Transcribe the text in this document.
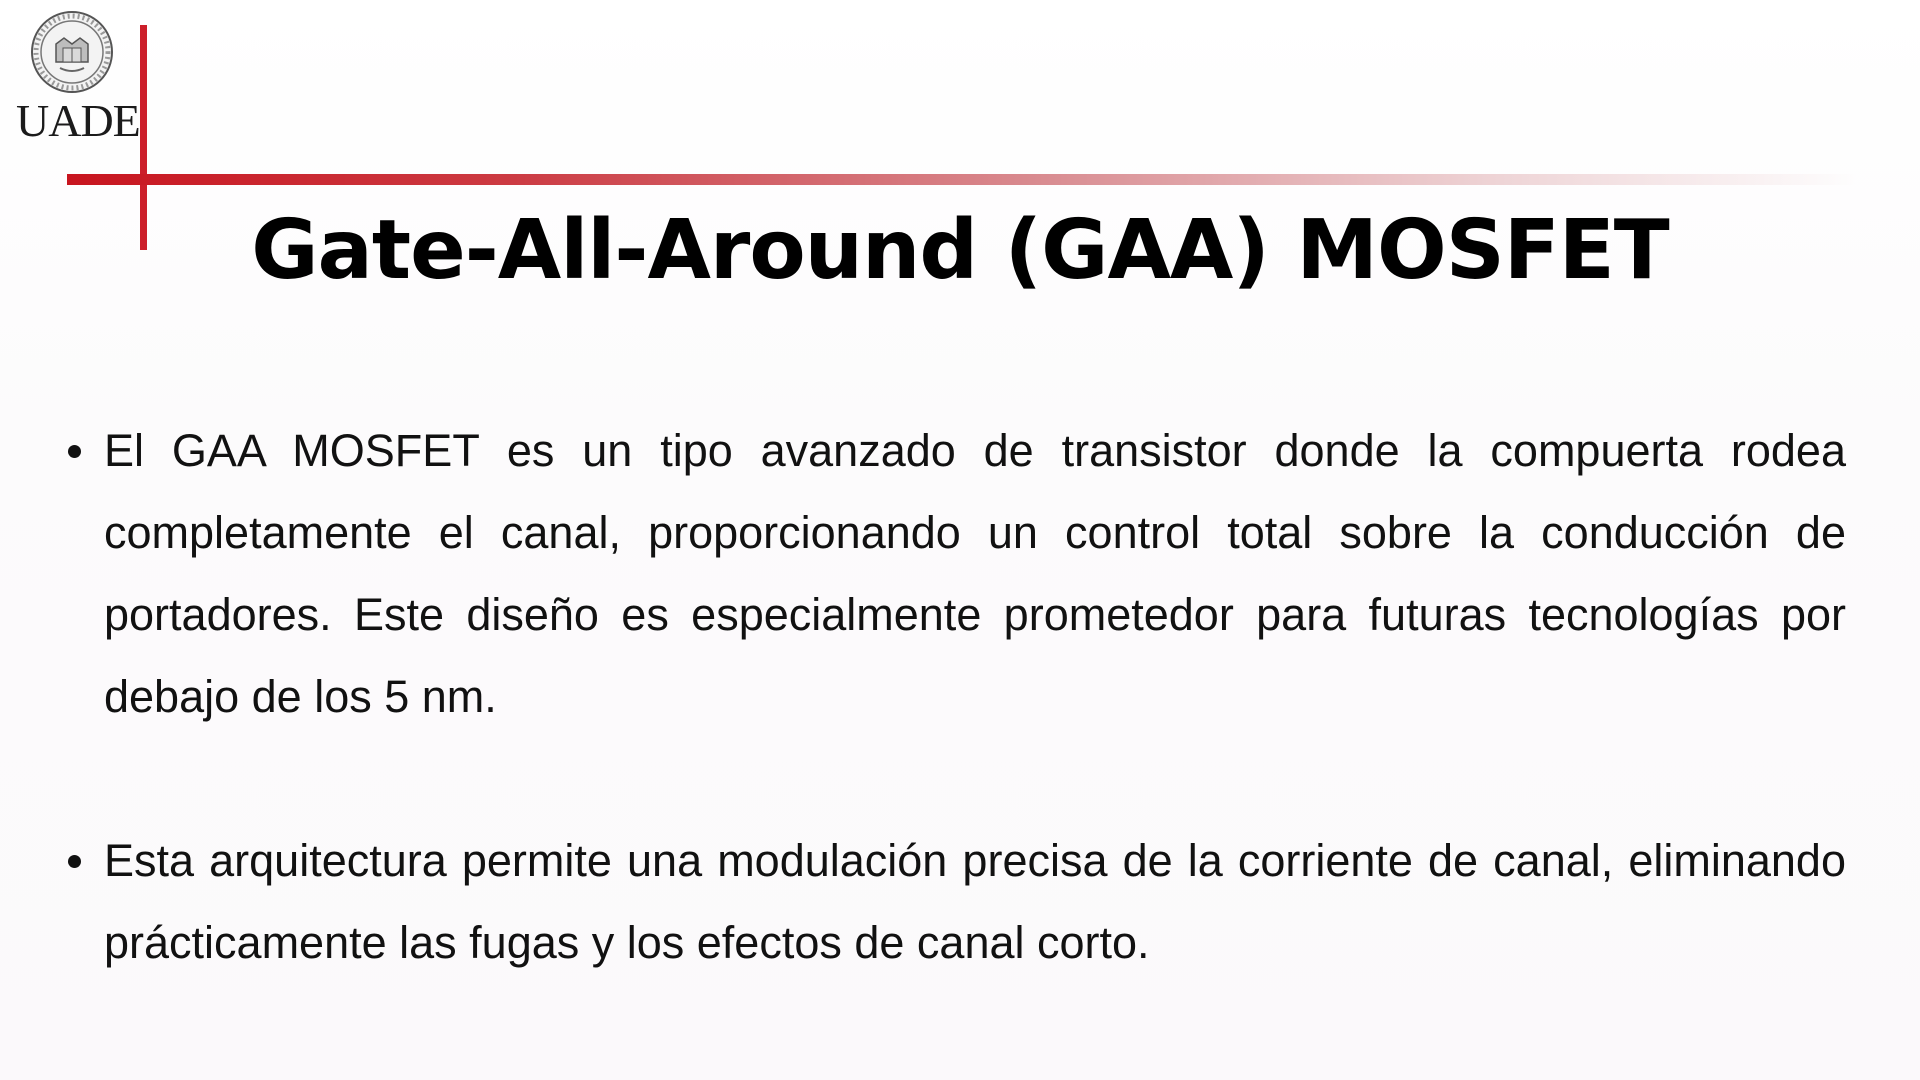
UADE
Gate-All-Around (GAA) MOSFET
El GAA MOSFET es un tipo avanzado de transistor donde la compuerta rodea completamente el canal, proporcionando un control total sobre la conducción de portadores. Este diseño es especialmente prometedor para futuras tecnologías por debajo de los 5 nm.
Esta arquitectura permite una modulación precisa de la corriente de canal, eliminando prácticamente las fugas y los efectos de canal corto.
